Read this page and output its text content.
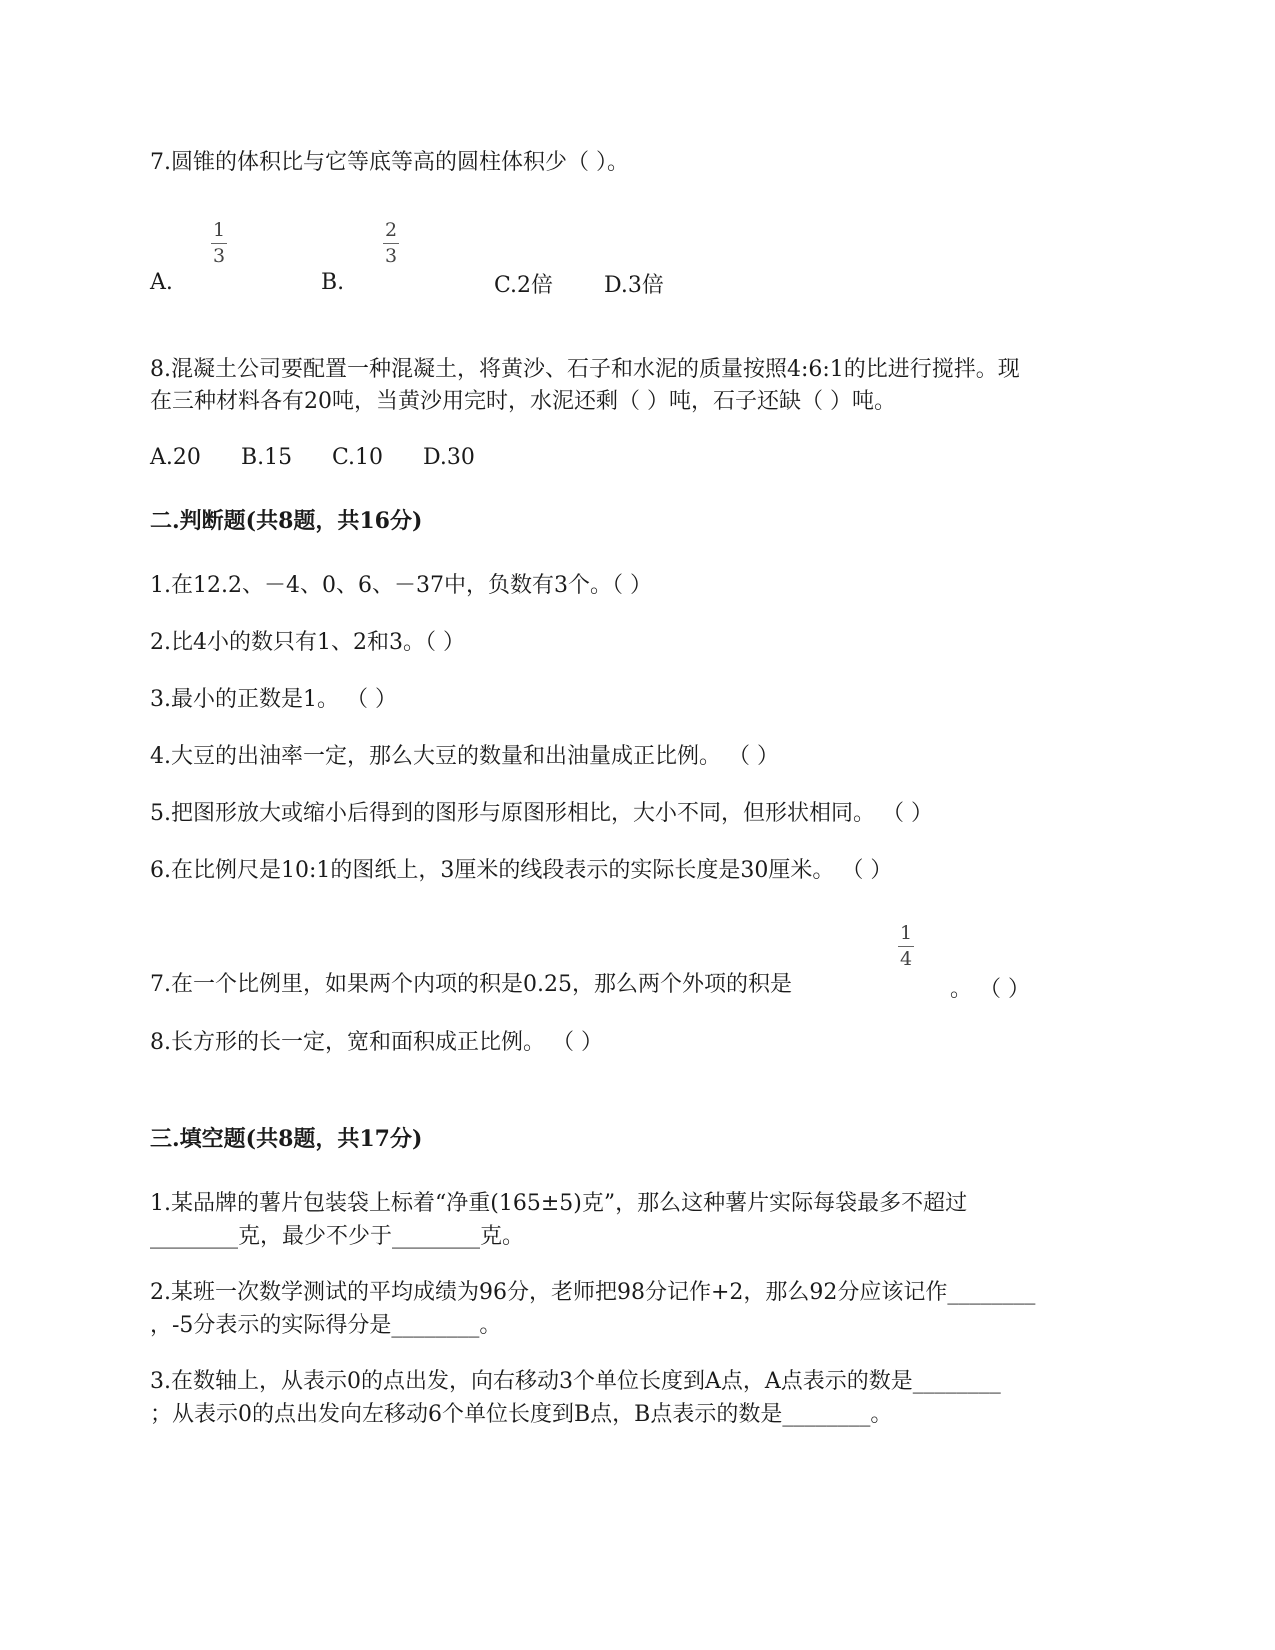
7.圆锥的体积比与它等底等高的圆柱体积少（ ）。
A.
1
3
B.
2
3
C.2倍 D.3倍
8.混凝土公司要配置一种混凝土，将黄沙、石子和水泥的质量按照4:6:1的比进行搅拌。现
在三种材料各有20吨，当黄沙用完时，水泥还剩（ ）吨，石子还缺（ ）吨。
A.20 B.15 C.10 D.30
二.判断题(共8题，共16分)
1.在12.2、－4、0、6、－37中，负数有3个。（ ）
2.比4小的数只有1、2和3。（ ）
3.最小的正数是1。 （ ）
4.大豆的出油率一定，那么大豆的数量和出油量成正比例。 （ ）
5.把图形放大或缩小后得到的图形与原图形相比，大小不同，但形状相同。 （ ）
6.在比例尺是10:1的图纸上，3厘米的线段表示的实际长度是30厘米。 （ ）
7.在一个比例里，如果两个内项的积是0.25，那么两个外项的积是
1
4
。 （ ）
8.长方形的长一定，宽和面积成正比例。 （ ）
三.填空题(共8题，共17分)
1.某品牌的薯片包装袋上标着“净重(165±5)克”，那么这种薯片实际每袋最多不超过
________克，最少不少于________克。
2.某班一次数学测试的平均成绩为96分，老师把98分记作+2，那么92分应该记作________
，-5分表示的实际得分是________。
3.在数轴上，从表示0的点出发，向右移动3个单位长度到A点，A点表示的数是________
；从表示0的点出发向左移动6个单位长度到B点，B点表示的数是________。
